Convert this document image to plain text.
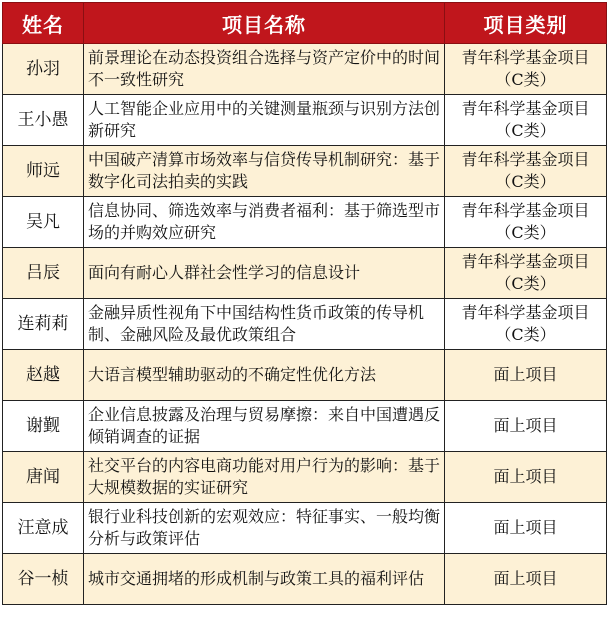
姓名	项目名称	项目类别
孙羽	前景理论在动态投资组合选择与资产定价中的时间不一致性研究	青年科学基金项目
（C类）

王小愚	人工智能企业应用中的关键测量瓶颈与识别方法创新研究	青年科学基金项目
（C类）

师远	中国破产清算市场效率与信贷传导机制研究：基于数字化司法拍卖的实践	青年科学基金项目
（C类）

吴凡	信息协同、筛选效率与消费者福利：基于筛选型市场的并购效应研究	青年科学基金项目
（C类）

吕辰	面向有耐心人群社会性学习的信息设计	青年科学基金项目
（C类）

连莉莉	金融异质性视角下中国结构性货币政策的传导机制、金融风险及最优政策组合	青年科学基金项目
（C类）

赵越	大语言模型辅助驱动的不确定性优化方法	面上项目
谢觐	企业信息披露及治理与贸易摩擦：来自中国遭遇反倾销调查的证据	面上项目
唐闻	社交平台的内容电商功能对用户行为的影响：基于大规模数据的实证研究	面上项目
汪意成	银行业科技创新的宏观效应：特征事实、一般均衡分析与政策评估	面上项目
谷一桢	城市交通拥堵的形成机制与政策工具的福利评估	面上项目
